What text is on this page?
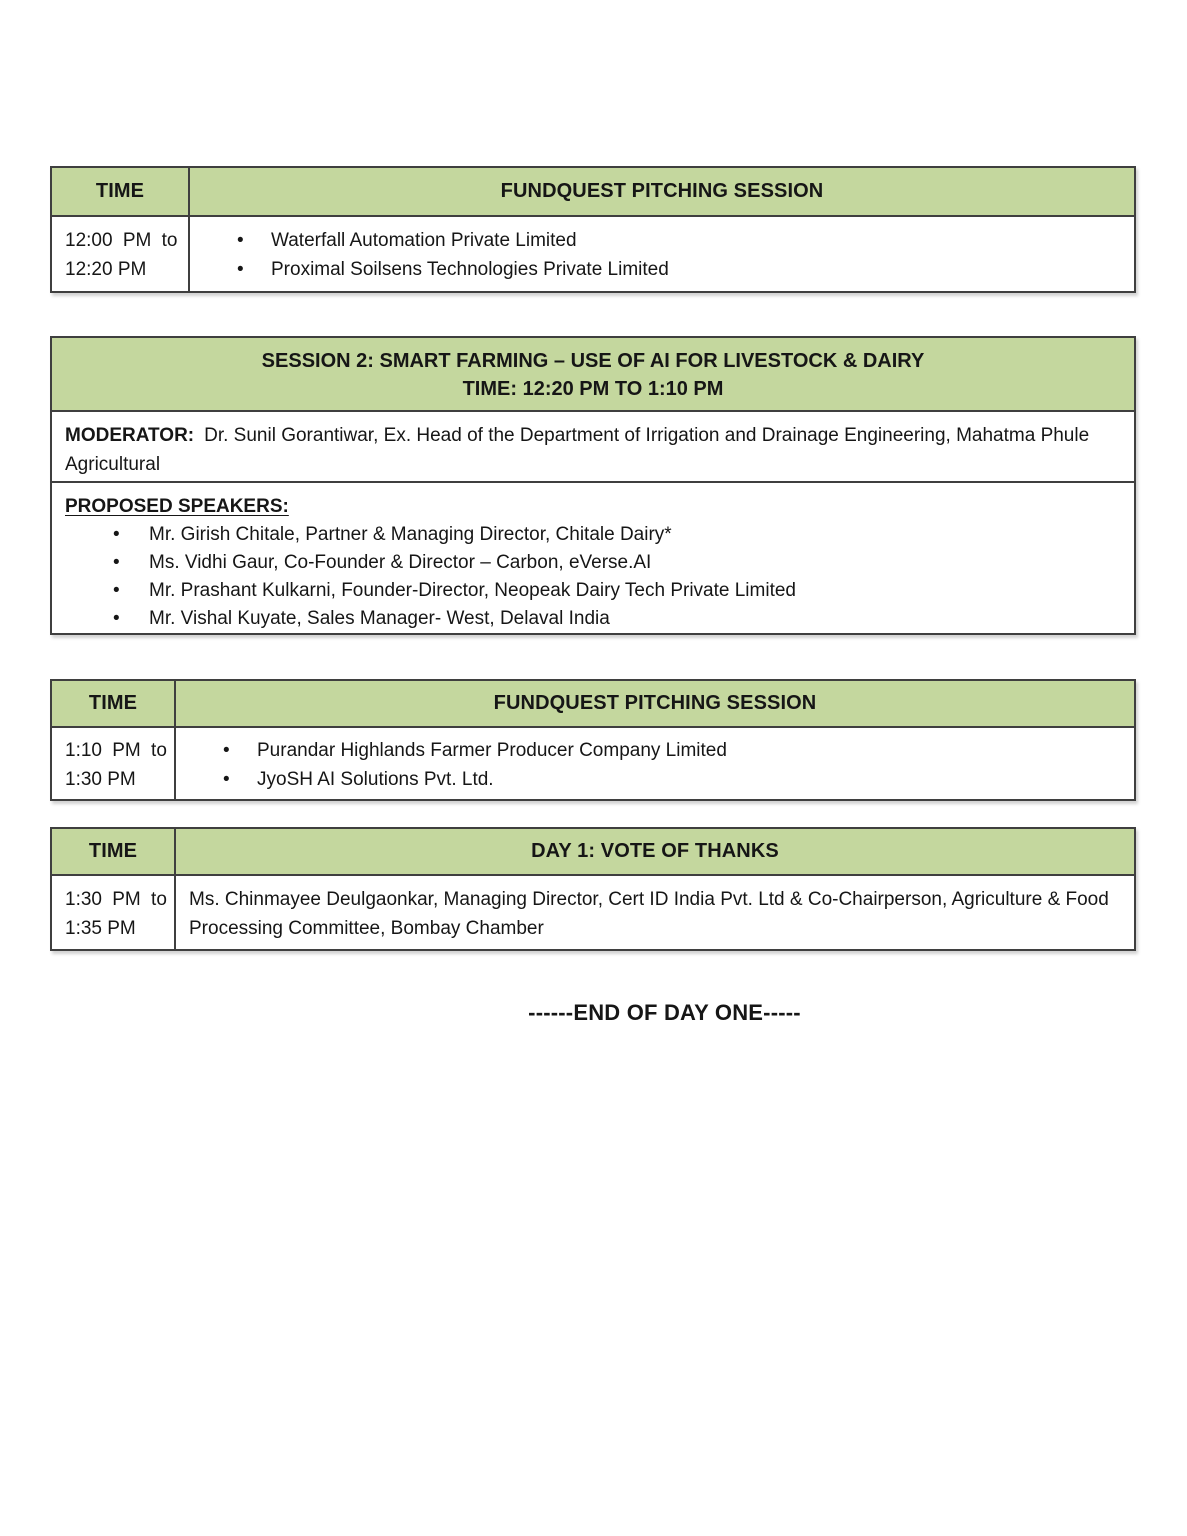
TIME	FUNDQUEST PITCHING SESSION
12:00 PM to
12:20 PM
•	Waterfall Automation Private Limited
•	Proximal Soilsens Technologies Private Limited
SESSION 2: SMART FARMING – USE OF AI FOR LIVESTOCK & DAIRY
TIME: 12:20 PM TO 1:10 PM
MODERATOR: Dr. Sunil Gorantiwar, Ex. Head of the Department of Irrigation and Drainage Engineering, Mahatma Phule
Agricultural
PROPOSED SPEAKERS:
•	Mr. Girish Chitale, Partner & Managing Director, Chitale Dairy*
•	Ms. Vidhi Gaur, Co-Founder & Director – Carbon, eVerse.AI
•	Mr. Prashant Kulkarni, Founder-Director, Neopeak Dairy Tech Private Limited
•	Mr. Vishal Kuyate, Sales Manager- West, Delaval India
TIME	FUNDQUEST PITCHING SESSION
1:10 PM to
1:30 PM
•	Purandar Highlands Farmer Producer Company Limited
•	JyoSH AI Solutions Pvt. Ltd.
TIME	DAY 1: VOTE OF THANKS
1:30 PM to
1:35 PM
Ms. Chinmayee Deulgaonkar, Managing Director, Cert ID India Pvt. Ltd & Co-Chairperson, Agriculture & Food
Processing Committee, Bombay Chamber
------END OF DAY ONE-----
